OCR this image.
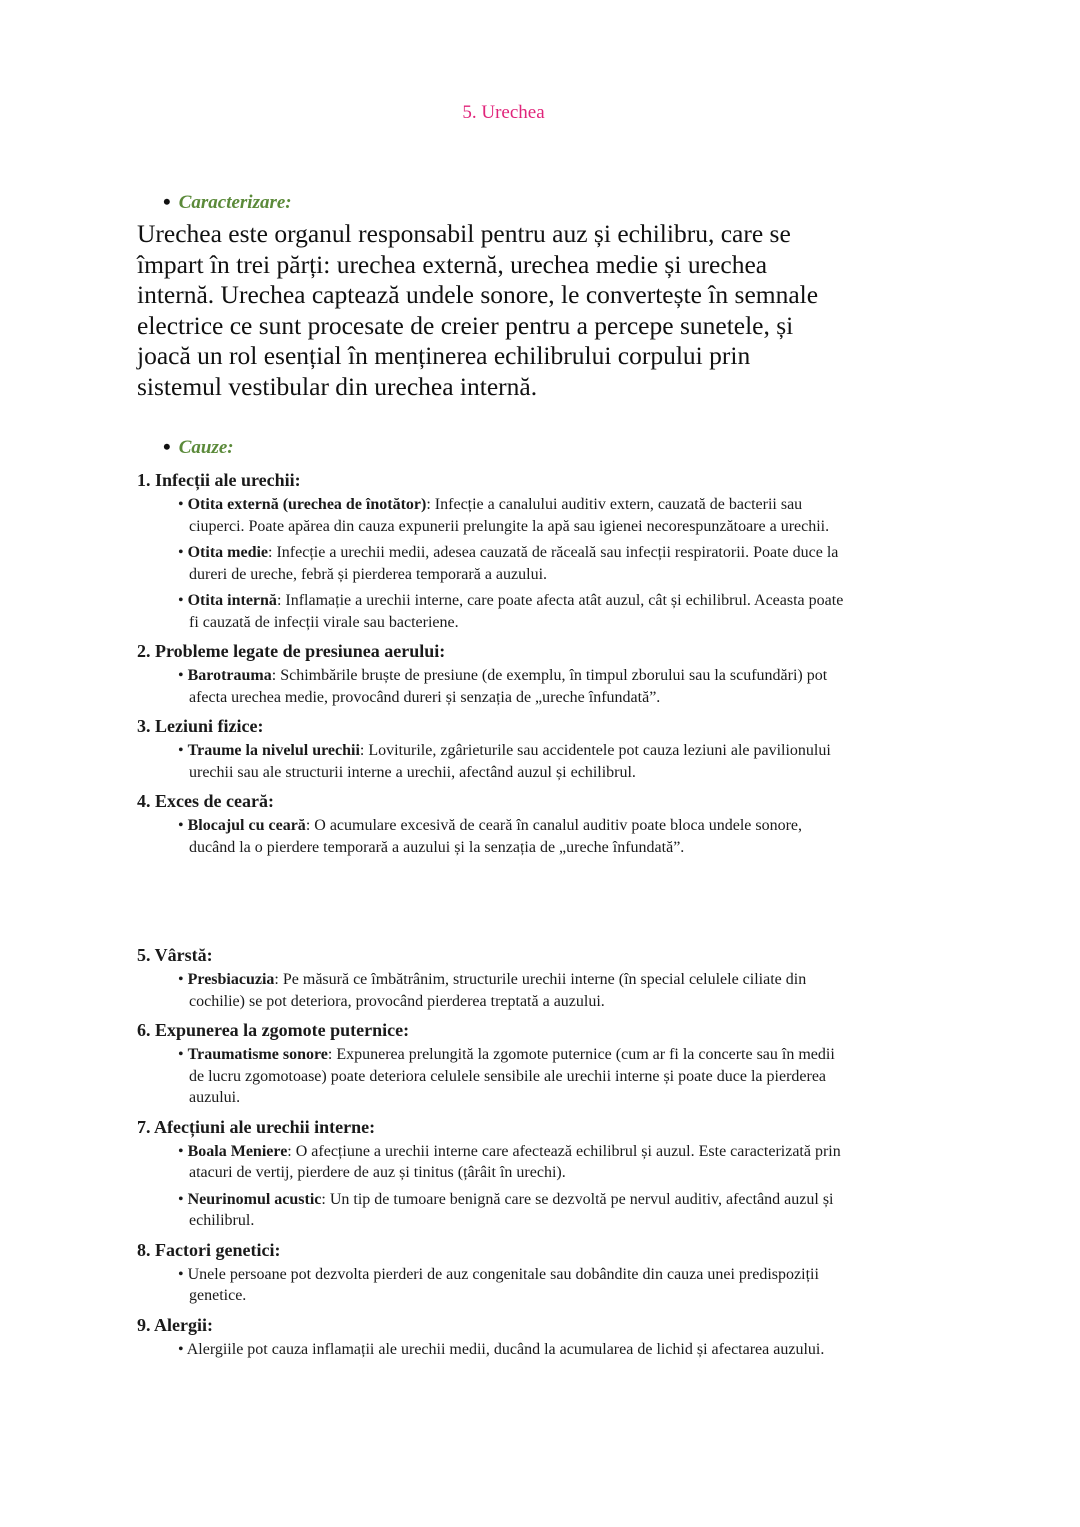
5. Urechea
• Caracterizare:
Urechea este organul responsabil pentru auz și echilibru, care se împart în trei părți: urechea externă, urechea medie și urechea internă. Urechea captează undele sonore, le convertește în semnale electrice ce sunt procesate de creier pentru a percepe sunetele, și joacă un rol esențial în menținerea echilibrului corpului prin sistemul vestibular din urechea internă.
• Cauze:
1. Infecții ale urechii:
• Otita externă (urechea de înotător): Infecție a canalului auditiv extern, cauzată de bacterii sau ciuperci. Poate apărea din cauza expunerii prelungite la apă sau igienei necorespunzătoare a urechii.
• Otita medie: Infecție a urechii medii, adesea cauzată de răceală sau infecții respiratorii. Poate duce la dureri de ureche, febră și pierderea temporară a auzului.
• Otita internă: Inflamație a urechii interne, care poate afecta atât auzul, cât și echilibrul. Aceasta poate fi cauzată de infecții virale sau bacteriene.
2. Probleme legate de presiunea aerului:
• Barotrauma: Schimbările bruște de presiune (de exemplu, în timpul zborului sau la scufundări) pot afecta urechea medie, provocând dureri și senzația de „ureche înfundată”.
3. Leziuni fizice:
• Traume la nivelul urechii: Loviturile, zgârieturile sau accidentele pot cauza leziuni ale pavilionului urechii sau ale structurii interne a urechii, afectând auzul și echilibrul.
4. Exces de ceară:
• Blocajul cu ceară: O acumulare excesivă de ceară în canalul auditiv poate bloca undele sonore, ducând la o pierdere temporară a auzului și la senzația de „ureche înfundată”.
5. Vârstă:
• Presbiacuzia: Pe măsură ce îmbătrânim, structurile urechii interne (în special celulele ciliate din cochilie) se pot deteriora, provocând pierderea treptată a auzului.
6. Expunerea la zgomote puternice:
• Traumatisme sonore: Expunerea prelungită la zgomote puternice (cum ar fi la concerte sau în medii de lucru zgomotoase) poate deteriora celulele sensibile ale urechii interne și poate duce la pierderea auzului.
7. Afecțiuni ale urechii interne:
• Boala Meniere: O afecțiune a urechii interne care afectează echilibrul și auzul. Este caracterizată prin atacuri de vertij, pierdere de auz și tinitus (țârâit în urechi).
• Neurinomul acustic: Un tip de tumoare benignă care se dezvoltă pe nervul auditiv, afectând auzul și echilibrul.
8. Factori genetici:
• Unele persoane pot dezvolta pierderi de auz congenitale sau dobândite din cauza unei predispoziții genetice.
9. Alergii:
• Alergiile pot cauza inflamații ale urechii medii, ducând la acumularea de lichid și afectarea auzului.
